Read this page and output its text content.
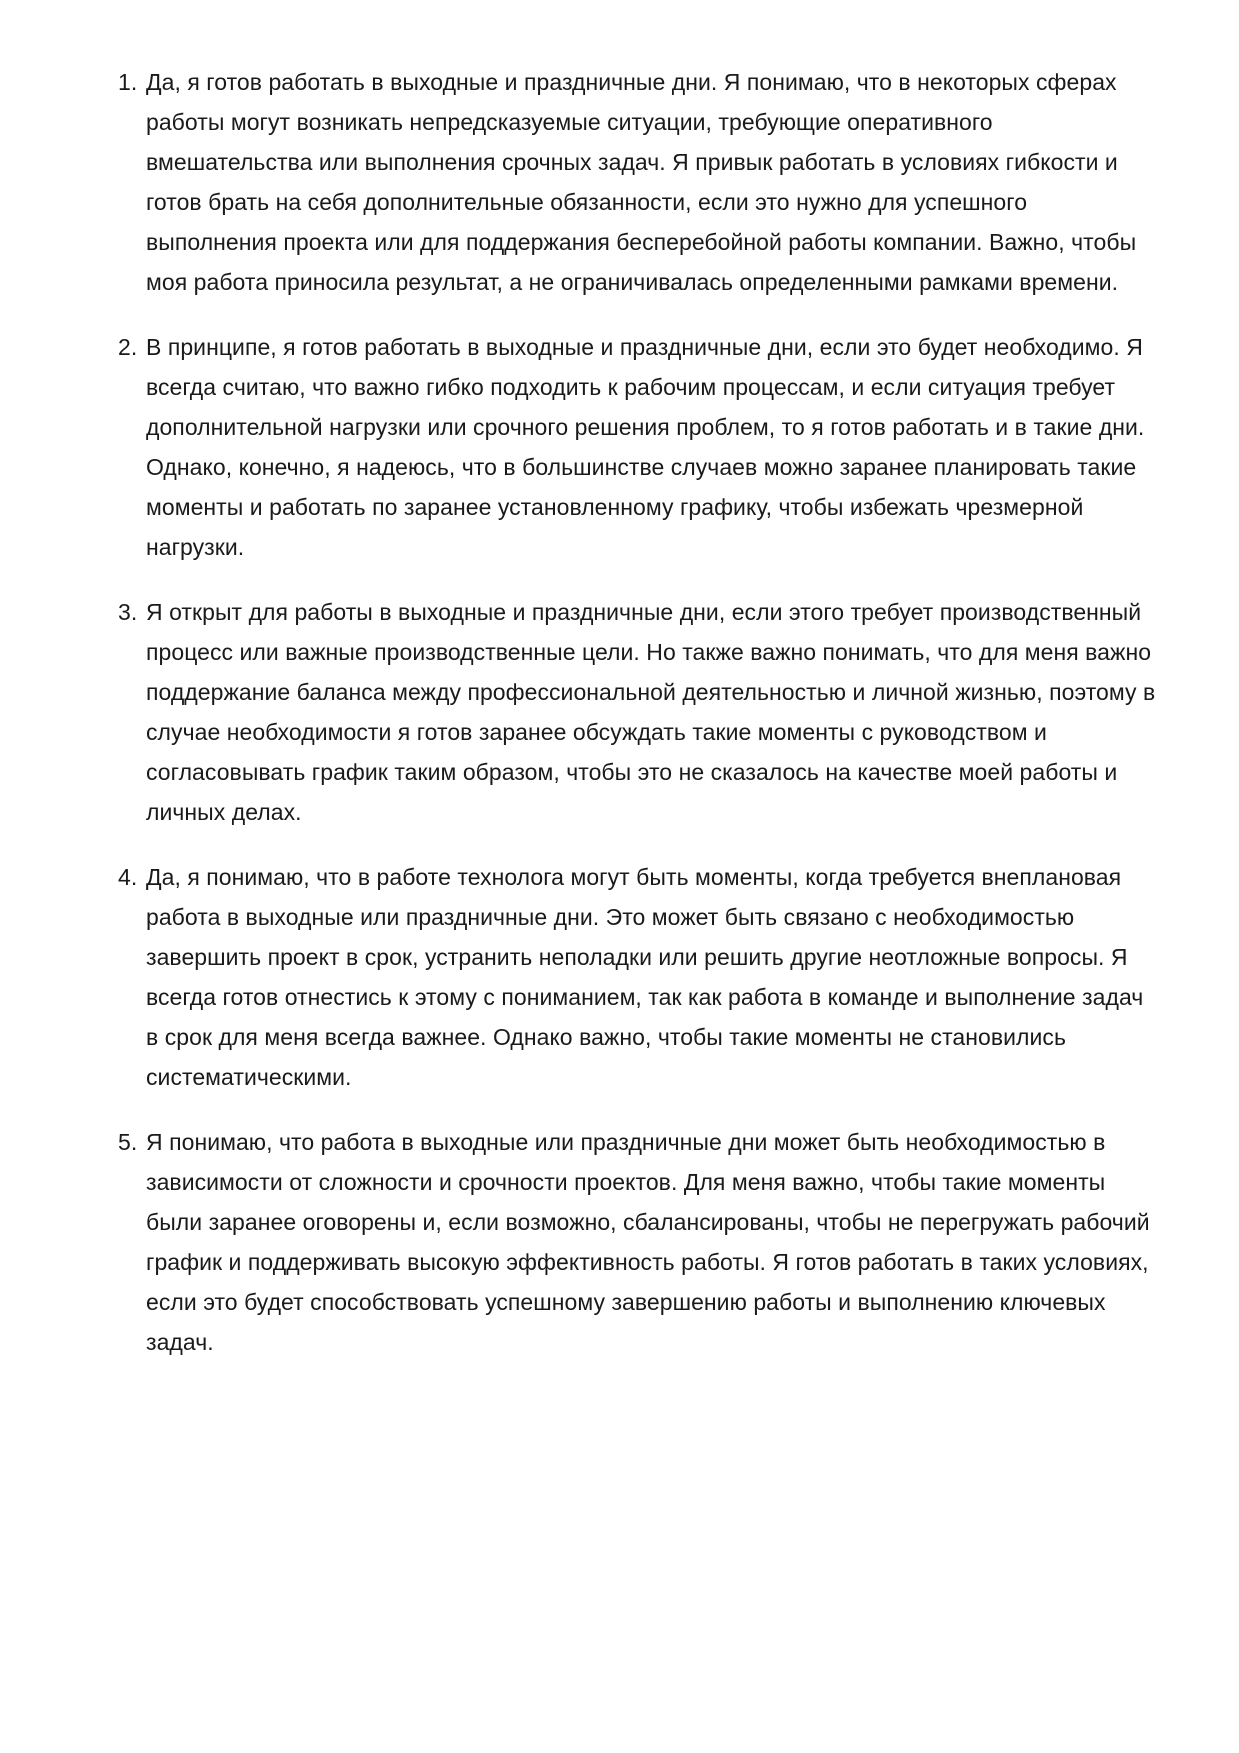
1. Да, я готов работать в выходные и праздничные дни. Я понимаю, что в некоторых сферах работы могут возникать непредсказуемые ситуации, требующие оперативного вмешательства или выполнения срочных задач. Я привык работать в условиях гибкости и готов брать на себя дополнительные обязанности, если это нужно для успешного выполнения проекта или для поддержания бесперебойной работы компании. Важно, чтобы моя работа приносила результат, а не ограничивалась определенными рамками времени.
2. В принципе, я готов работать в выходные и праздничные дни, если это будет необходимо. Я всегда считаю, что важно гибко подходить к рабочим процессам, и если ситуация требует дополнительной нагрузки или срочного решения проблем, то я готов работать и в такие дни. Однако, конечно, я надеюсь, что в большинстве случаев можно заранее планировать такие моменты и работать по заранее установленному графику, чтобы избежать чрезмерной нагрузки.
3. Я открыт для работы в выходные и праздничные дни, если этого требует производственный процесс или важные производственные цели. Но также важно понимать, что для меня важно поддержание баланса между профессиональной деятельностью и личной жизнью, поэтому в случае необходимости я готов заранее обсуждать такие моменты с руководством и согласовывать график таким образом, чтобы это не сказалось на качестве моей работы и личных делах.
4. Да, я понимаю, что в работе технолога могут быть моменты, когда требуется внеплановая работа в выходные или праздничные дни. Это может быть связано с необходимостью завершить проект в срок, устранить неполадки или решить другие неотложные вопросы. Я всегда готов отнестись к этому с пониманием, так как работа в команде и выполнение задач в срок для меня всегда важнее. Однако важно, чтобы такие моменты не становились систематическими.
5. Я понимаю, что работа в выходные или праздничные дни может быть необходимостью в зависимости от сложности и срочности проектов. Для меня важно, чтобы такие моменты были заранее оговорены и, если возможно, сбалансированы, чтобы не перегружать рабочий график и поддерживать высокую эффективность работы. Я готов работать в таких условиях, если это будет способствовать успешному завершению работы и выполнению ключевых задач.
